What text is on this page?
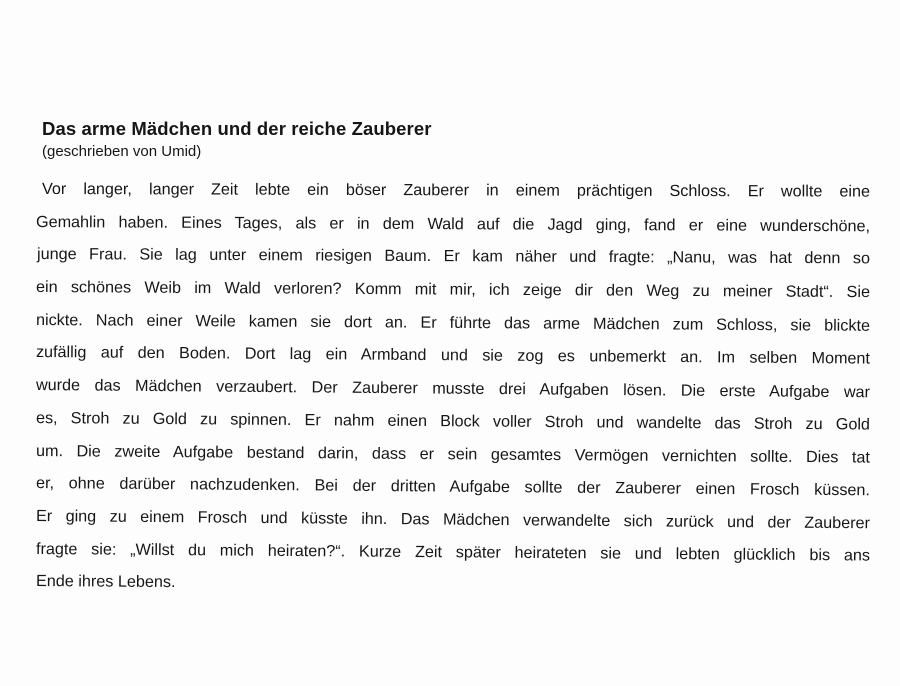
Das arme Mädchen und der reiche Zauberer
(geschrieben von Umid)
Vor langer, langer Zeit lebte ein böser Zauberer in einem prächtigen Schloss. Er wollte eine
Gemahlin haben. Eines Tages, als er in dem Wald auf die Jagd ging, fand er eine wunderschöne,
junge Frau. Sie lag unter einem riesigen Baum. Er kam näher und fragte: „Nanu, was hat denn so
ein schönes Weib im Wald verloren? Komm mit mir, ich zeige dir den Weg zu meiner Stadt“. Sie
nickte. Nach einer Weile kamen sie dort an. Er führte das arme Mädchen zum Schloss, sie blickte
zufällig auf den Boden. Dort lag ein Armband und sie zog es unbemerkt an. Im selben Moment
wurde das Mädchen verzaubert. Der Zauberer musste drei Aufgaben lösen. Die erste Aufgabe war
es, Stroh zu Gold zu spinnen. Er nahm einen Block voller Stroh und wandelte das Stroh zu Gold
um. Die zweite Aufgabe bestand darin, dass er sein gesamtes Vermögen vernichten sollte. Dies tat
er, ohne darüber nachzudenken. Bei der dritten Aufgabe sollte der Zauberer einen Frosch küssen.
Er ging zu einem Frosch und küsste ihn. Das Mädchen verwandelte sich zurück und der Zauberer
fragte sie: „Willst du mich heiraten?“. Kurze Zeit später heirateten sie und lebten glücklich bis ans
Ende ihres Lebens.
